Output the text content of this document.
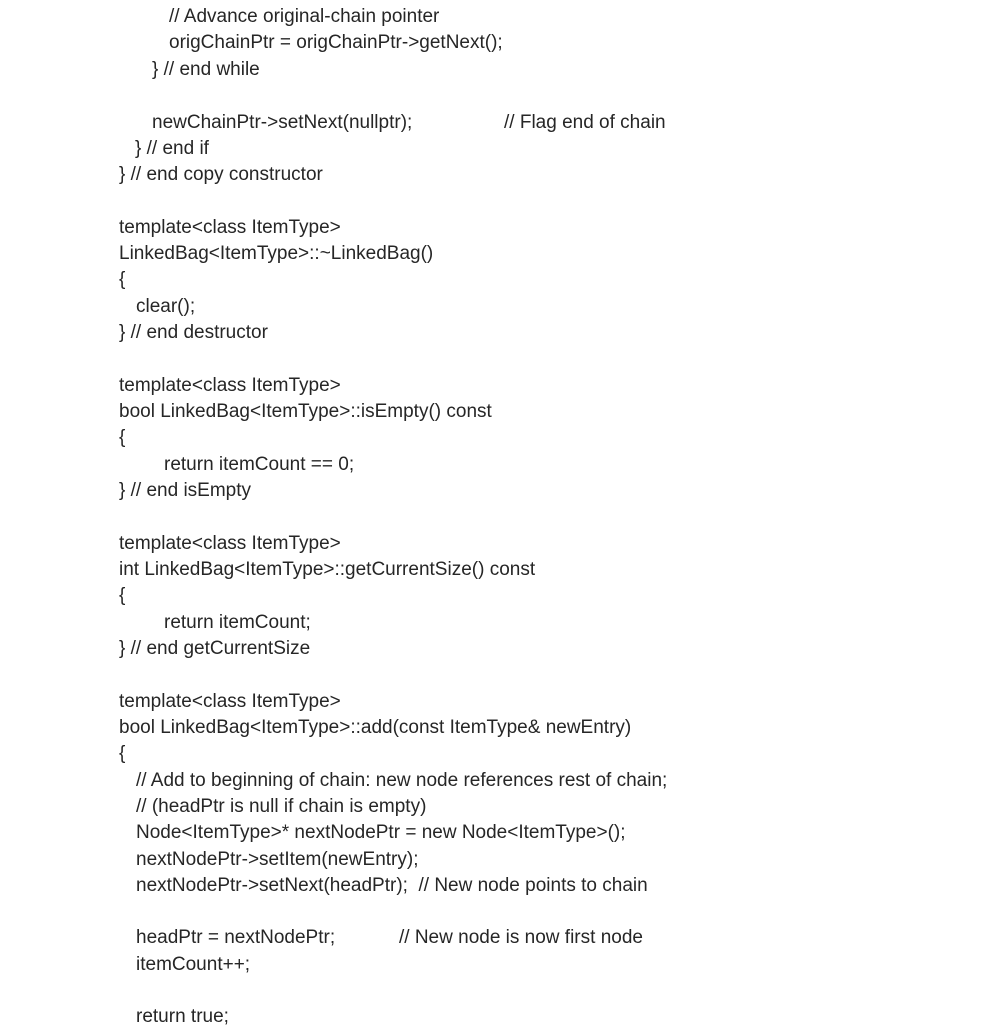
// Advance original-chain pointer
origChainPtr = origChainPtr->getNext();
} // end while
newChainPtr->setNext(nullptr);	// Flag end of chain
} // end if
} // end copy constructor
template<class ItemType>
LinkedBag<ItemType>::~LinkedBag()
{
clear();
} // end destructor
template<class ItemType>
bool LinkedBag<ItemType>::isEmpty() const
{
return itemCount == 0;
} // end isEmpty
template<class ItemType>
int LinkedBag<ItemType>::getCurrentSize() const
{
return itemCount;
} // end getCurrentSize
template<class ItemType>
bool LinkedBag<ItemType>::add(const ItemType& newEntry)
{
// Add to beginning of chain: new node references rest of chain;
// (headPtr is null if chain is empty)
Node<ItemType>* nextNodePtr = new Node<ItemType>();
nextNodePtr->setItem(newEntry);
nextNodePtr->setNext(headPtr);  // New node points to chain
headPtr = nextNodePtr;	// New node is now first node
itemCount++;
return true;
